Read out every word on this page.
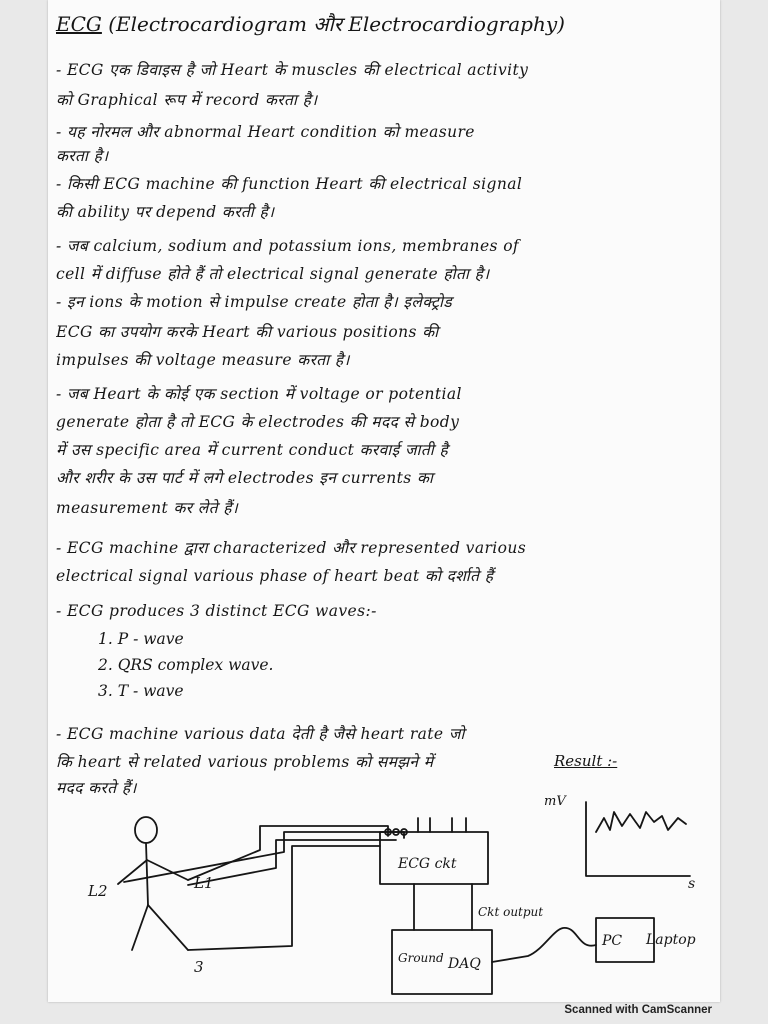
ECG (Electrocardiogram और Electrocardiography)
- ECG एक डिवाइस है जो Heart के muscles की electrical activity
को Graphical रूप में record करता है।
- यह नोरमल और abnormal Heart condition को measure
करता है।
- किसी ECG machine की function Heart की electrical signal
की ability पर depend करती है।
- जब calcium, sodium and potassium ions, membranes of
cell में diffuse होते हैं तो electrical signal generate होता है।
- इन ions के motion से impulse create होता है। इलेक्ट्रोड
ECG का उपयोग करके Heart की various positions की
impulses की voltage measure करता है।
- जब Heart के कोई एक section में voltage or potential
generate होता है तो ECG के electrodes की मदद से body
में उस specific area में current conduct करवाई जाती है
और शरीर के उस पार्ट में लगे electrodes इन currents का
measurement कर लेते हैं।
- ECG machine द्वारा characterized और represented various
electrical signal various phase of heart beat को दर्शाते हैं
- ECG produces 3 distinct ECG waves:-
1. P - wave
2. QRS complex wave.
3. T - wave
- ECG machine various data देती है जैसे heart rate जो
कि heart से related various problems को समझने में
मदद करते हैं।
Result :-
L2	L1
3
ECG ckt
Ckt output
Ground DAQ
PC Laptop
mV
s
Scanned with CamScanner
